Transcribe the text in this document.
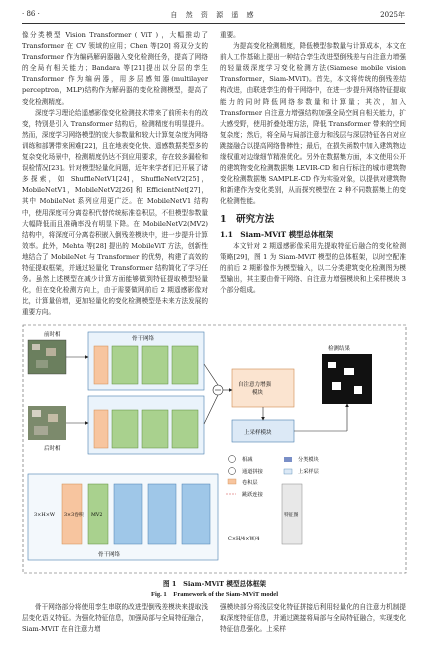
· 86 ·	自 然 资 源 遥 感	2025年

像分类模型 Vision Transformer ( ViT ) ，大幅推动了 Transformer 在 CV 领域的应用；Chen 等[20] 将双分支的 Transformer 作为编码解码器融入变化检测任务，提高了网络的全局有相关能力；Bandara 等[21]提出以分层的孪生 Transformer 作为编码器，用多层感知器(multilayer perceptron，MLP)结构作为解码器的变化检测模型，提高了变化检测精度。

深度学习理论给遥感影像变化检测技术带来了前所未有的改变，特别是引入 Transformer 结构后，检测精度有明显提升。然而，深度学习网络模型的庞大参数量和较大计算复杂度为网络训练和部署带来困难[22]，且在地表变化快、遥感数据类型多的复杂变化场景中，检测精度仍达不到应用要求，存在较多漏检和误检情况[23]。针对模型轻量化问题，近年来学者们已开展了诸多探索，如 ShuffleNetV1[24]，ShuffleNetV2[25]，MobileNetV1，MobileNetV2[26] 和 EfficientNet[27]，其中 MobileNet 系列应用更广泛。在 MobileNetV1 结构中，使用深度可分离卷积代替传统标准卷积层，不但模型参数量大幅降低而且准确率没有明显下降。在 MobileNetV2(MV2) 结构中，将深度可分离卷积嵌入倒残差模块中，进一步提升计算效率。此外，Mehta 等[28] 提出的 MobileViT 方法，创新性地结合了 MobileNet 与 Transformer 的优势，构建了高效的特征提取框架，并通过轻量化 Transformer 结构简化了学习任务。虽然上述模型在减少计算方面能够做到特征提取模型轻量化，但在变化检测方向上，由于需要做网前后 2 期遥感影像对比，计算量倍增，更加轻量化的变化检测模型是未来方法发展的重要方向。

重要。

为提高变化检测精度，降低模型参数量与计算成本，本文在前人工作基础上提出一种结合孪生改进型倒残差与自注意力增强的轻量级深度学习变化检测方法(Siamese mobile vision Transformer，Siam-MViT)。首先，本文将传统的倒残差结构改进，由联进孪生的骨干网络中，在进一步提升网络特征提取能力的同时降低网络参数量和计算量；其次，加入 Transformer 自注意力增强结构加强全局空间自相关能力，扩大感受野，使用折叠处理方法，降低 Transformer 带来的空间复杂度；然后，将全局与局部注意力和浅层与深层特征各自对应跳接融合以提高网络鲁棒性；最后，在损失函数中加入建筑物边缘权重对边缘细节精准优化。另外在数据集方面，本文使用公开的建筑物变化检测数据集 LEVIR-CD 和自行标注的城市建筑物变化检测数据集 SAMPLE-CD 作为实验对象，以提供对建筑物和新建作为变化类别，从而探究模型在 2 种不同数据集上的变化检测性能。

1　研究方法
1.1　Siam-MViT 模型总体框架

本文针对 2 期遥感影像采用先提取特征后融合的变化检测策略[29]，图 1 为 Siam-MViT 模型的总体框架，以时空配准的前后 2 期影像作为模型输入，以二分类建筑变化检测图为模型输出，其主要由骨干网络、自注意力增强模块和上采样模块 3 个部分组成。

前时相
后时相
骨干网络
自注意力增强模块
上采样模块
检测结果
相减
通道拼接
卷积层
跳跃连接
分类模块
上采样层
3×H×W 3×3卷积 MV2
骨干网络
C×H/4×W/4
特征图
图 1　Siam-MViT 模型总体框架
Fig. 1　Framework of the Siam-MViT model

骨干网络部分将使用孪生串联的改进型倒残差模块来提取浅层变化语义特征。为强化特征信息，加强局部与全局特征融合，Siam-MViT 在自注意力增

强模块部分将浅层变化特征拼接后利用轻量化的自注意力机制提取深度特征信息，并通过跳接将局部与全局特征融合，实现变化特征信息强化。上采样
